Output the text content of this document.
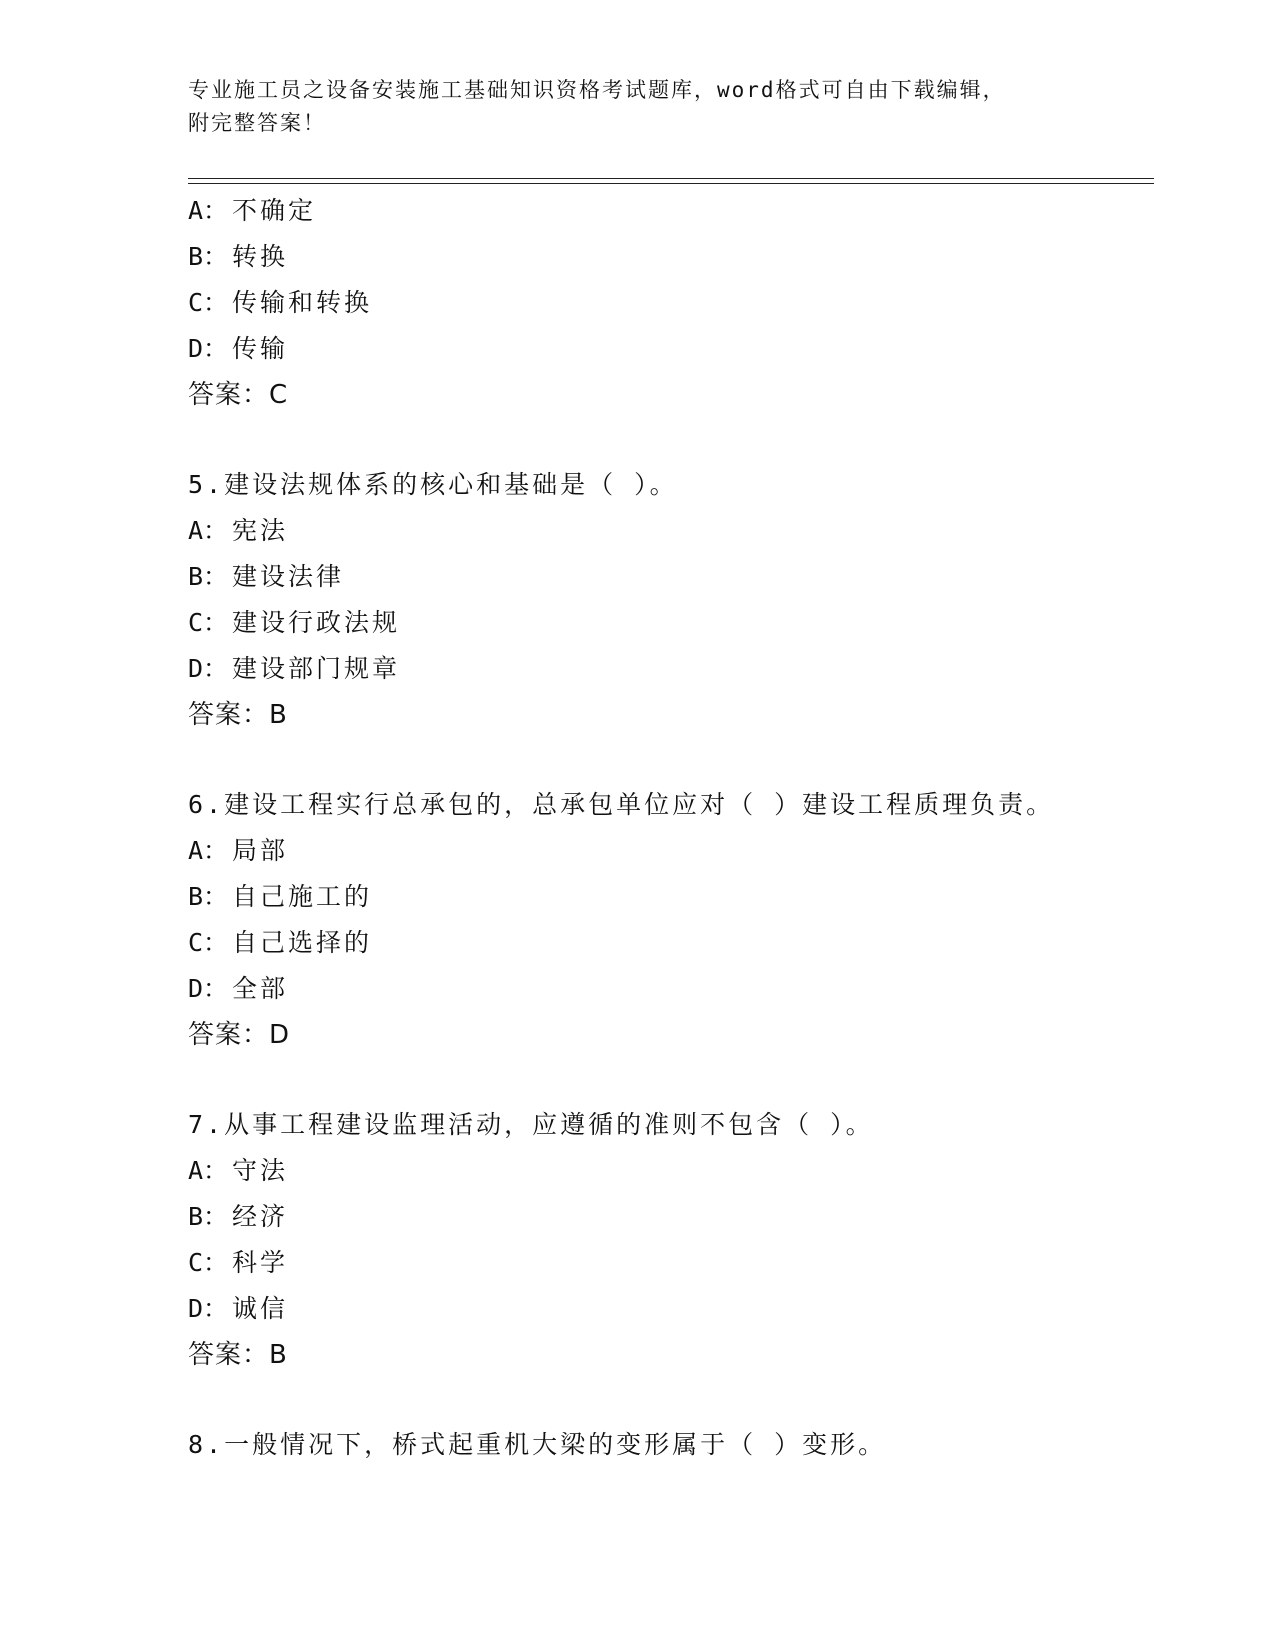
专业施工员之设备安装施工基础知识资格考试题库，word格式可自由下载编辑，
附完整答案！
A： 不确定
B： 转换
C： 传输和转换
D： 传输
答案：C
5.建设法规体系的核心和基础是（ ）。
A： 宪法
B： 建设法律
C： 建设行政法规
D： 建设部门规章
答案：B
6.建设工程实行总承包的，总承包单位应对（ ）建设工程质理负责。
A： 局部
B： 自己施工的
C： 自己选择的
D： 全部
答案：D
7.从事工程建设监理活动，应遵循的准则不包含（ ）。
A： 守法
B： 经济
C： 科学
D： 诚信
答案：B
8.一般情况下，桥式起重机大梁的变形属于（ ）变形。
